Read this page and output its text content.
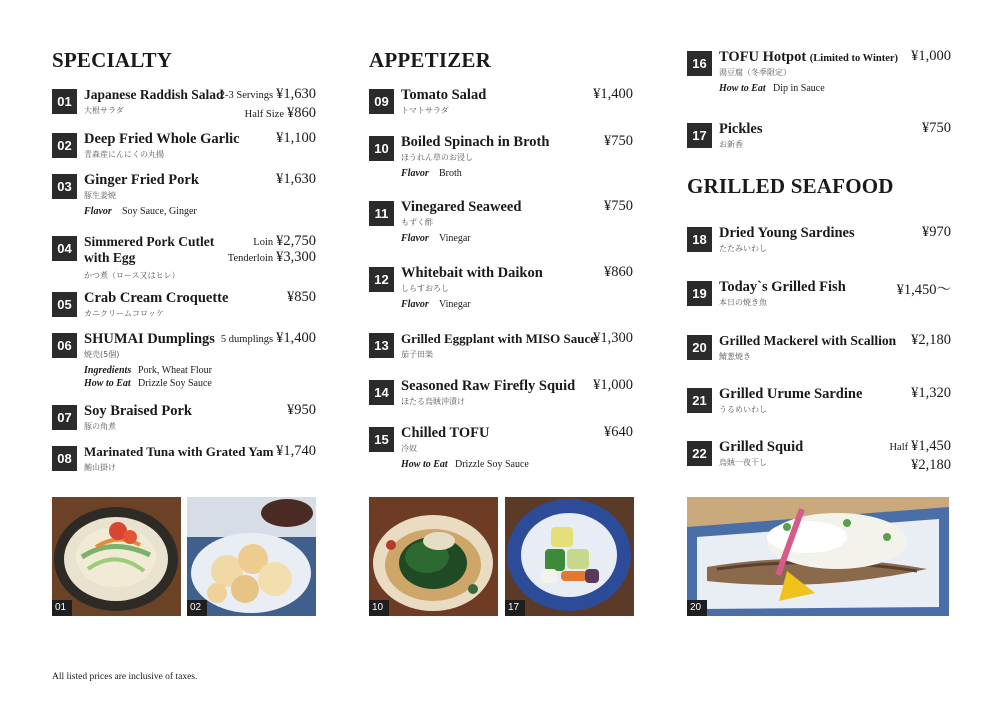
SPECIALTY
01 Japanese Raddish Salad
2-3 Servings ¥1,630
大根サラダ	Half Size ¥860
02 Deep Fried Whole Garlic	¥1,100
青森産にんにくの丸揚
03 Ginger Fried Pork	¥1,630
豚生姜焼
Flavor Soy Sauce, Ginger
04 Simmered Pork Cutlet	Loin ¥2,750
with Egg	Tenderloin ¥3,300
かつ煮（ロース又はヒレ）
05 Crab Cream Croquette	¥850
カニクリームコロッケ
06 SHUMAI Dumplings 5 dumplings ¥1,400
焼売(5個)
Ingredients Pork, Wheat Flour
How to Eat Drizzle Soy Sauce
07 Soy Braised Pork	¥950
豚の角煮
08 Marinated Tuna with Grated Yam ¥1,740
鮪山掛け
APPETIZER
09 Tomato Salad	¥1,400
トマトサラダ
10 Boiled Spinach in Broth	¥750
ほうれん草のお浸し
Flavor Broth
11 Vinegared Seaweed	¥750
もずく酢
Flavor Vinegar
12 Whitebait with Daikon	¥860
しらすおろし
Flavor Vinegar
13 Grilled Eggplant with MISO Sauce
¥1,300
茄子田楽
14 Seasoned Raw Firefly Squid ¥1,000
ほたる烏賊沖漬け
15 Chilled TOFU	¥640
冷奴
How to Eat Drizzle Soy Sauce
16 TOFU Hotpot (Limited to Winter) ¥1,000
湯豆腐（冬季限定）
How to Eat Dip in Sauce
17 Pickles	¥750
お新香
GRILLED SEAFOOD
18 Dried Young Sardines	¥970
たたみいわし
19 Today`s Grilled Fish	¥1,450～
本日の焼き魚
20 Grilled Mackerel with Scallion ¥2,180
鯖葱焼き
21 Grilled Urume Sardine	¥1,320
うるめいわし
22 Grilled Squid	Half ¥1,450
烏賊一夜干し	¥2,180
01	02	10	17	20
All listed prices are inclusive of taxes.
